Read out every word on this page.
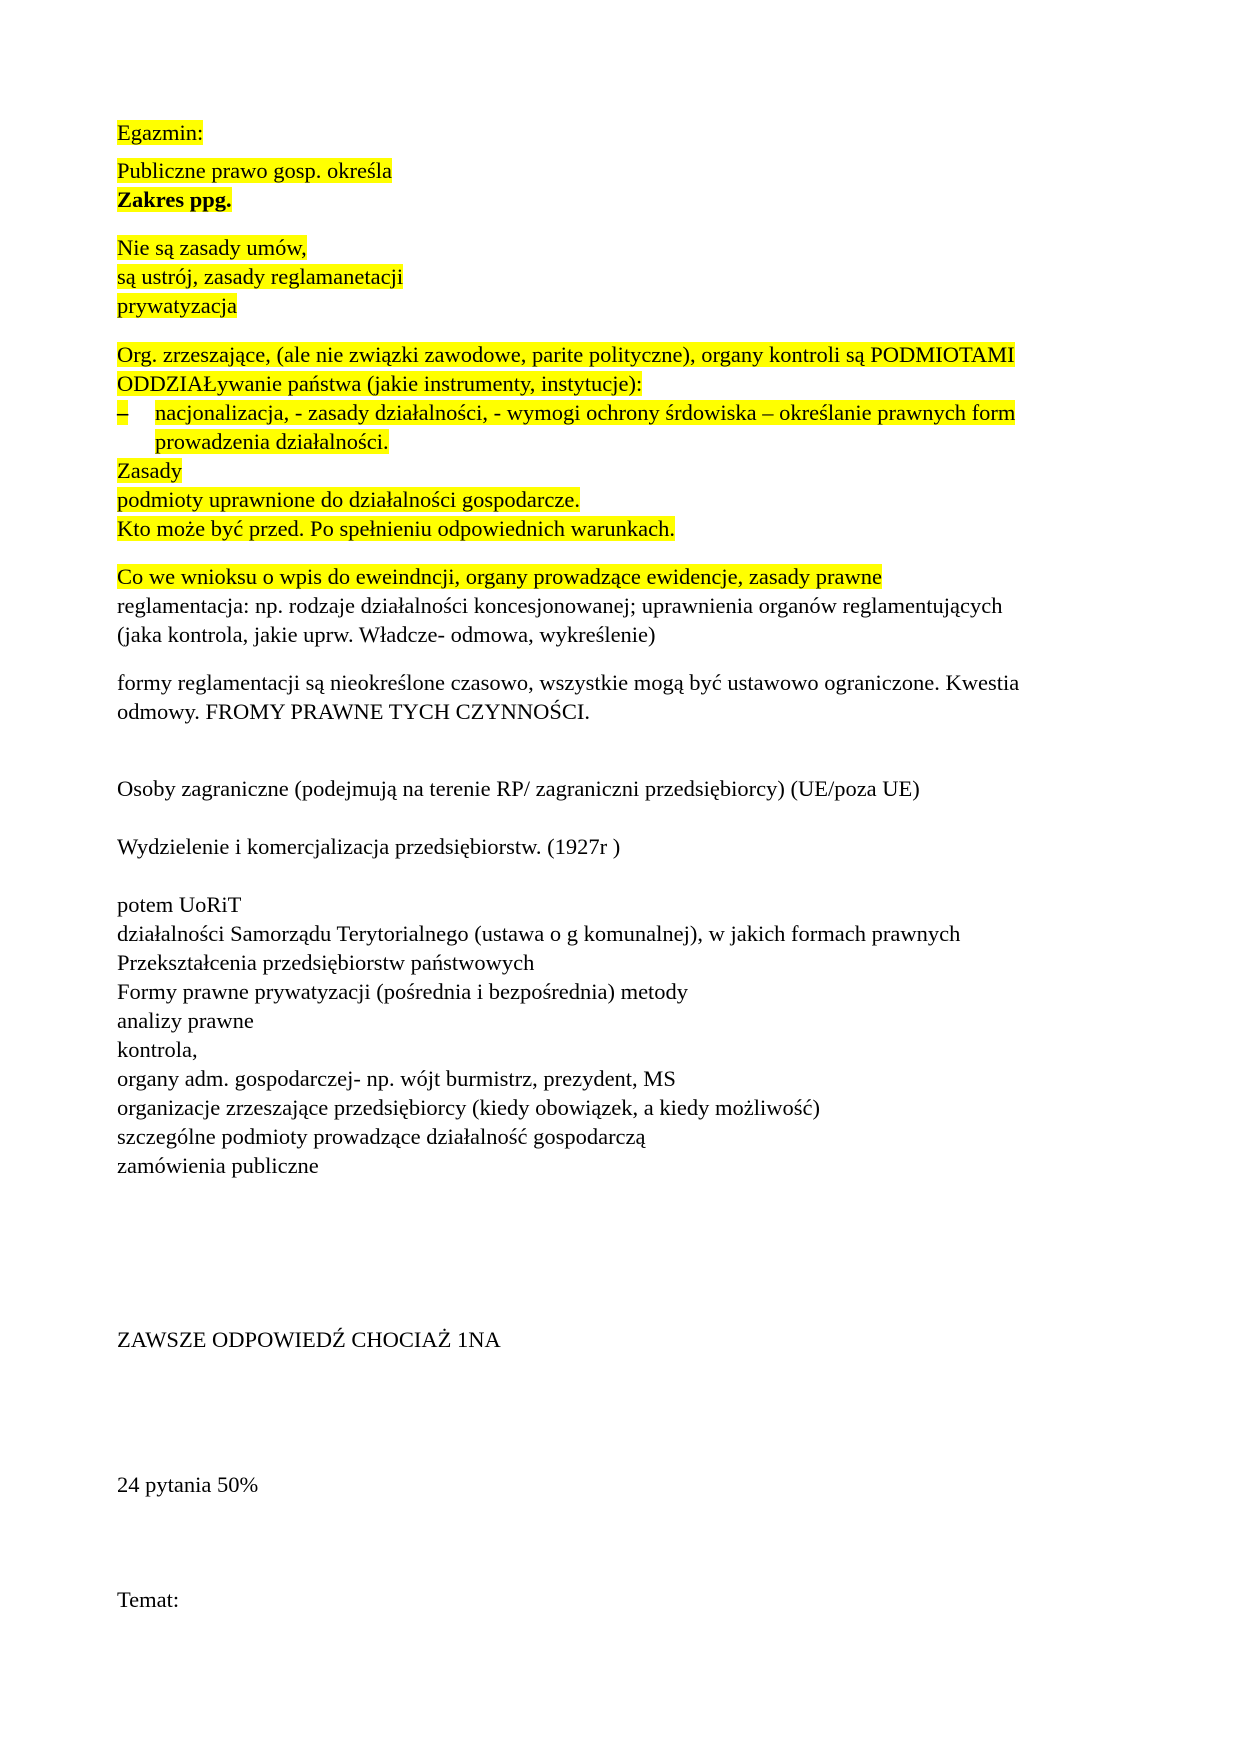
Egazmin:
Publiczne prawo gosp. określa
Zakres ppg.
Nie są zasady umów,
są ustrój, zasady reglamanetacji
prywatyzacja
Org. zrzeszające, (ale nie związki zawodowe, parite polityczne), organy kontroli są PODMIOTAMI
ODDZIAŁywanie państwa (jakie instrumenty, instytucje):
– nacjonalizacja, - zasady działalności, - wymogi ochrony śrdowiska – określanie prawnych form
prowadzenia działalności.
Zasady
podmioty uprawnione do działalności gospodarcze.
Kto może być przed. Po spełnieniu odpowiednich warunkach.
Co we wnioksu o wpis do eweindncji, organy prowadzące ewidencje, zasady prawne
reglamentacja: np. rodzaje działalności koncesjonowanej; uprawnienia organów reglamentujących
(jaka kontrola, jakie uprw. Władcze- odmowa, wykreślenie)
formy reglamentacji są nieokreślone czasowo, wszystkie mogą być ustawowo ograniczone. Kwestia
odmowy. FROMY PRAWNE TYCH CZYNNOŚCI.
Osoby zagraniczne (podejmują na terenie RP/ zagraniczni przedsiębiorcy) (UE/poza UE)
Wydzielenie i komercjalizacja przedsiębiorstw. (1927r )
potem UoRiT
działalności Samorządu Terytorialnego (ustawa o g komunalnej), w jakich formach prawnych
Przekształcenia przedsiębiorstw państwowych
Formy prawne prywatyzacji (pośrednia i bezpośrednia) metody
analizy prawne
kontrola,
organy adm. gospodarczej- np. wójt burmistrz, prezydent, MS
organizacje zrzeszające przedsiębiorcy (kiedy obowiązek, a kiedy możliwość)
szczególne podmioty prowadzące działalność gospodarczą
zamówienia publiczne
ZAWSZE ODPOWIEDŹ CHOCIAŻ 1NA
24 pytania 50%
Temat:
